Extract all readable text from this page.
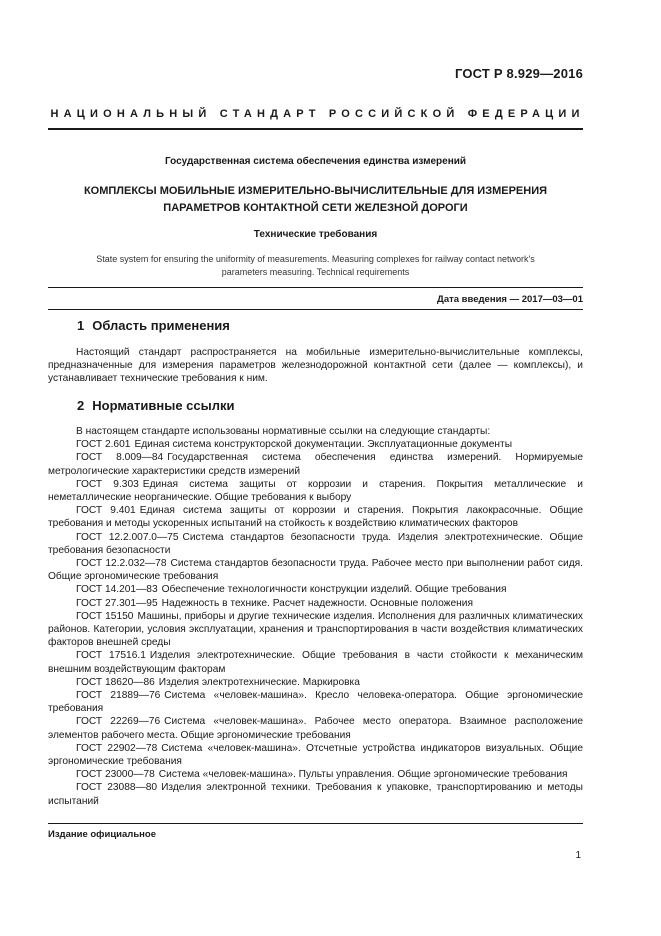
ГОСТ Р 8.929—2016
НАЦИОНАЛЬНЫЙ СТАНДАРТ РОССИЙСКОЙ ФЕДЕРАЦИИ
Государственная система обеспечения единства измерений
КОМПЛЕКСЫ МОБИЛЬНЫЕ ИЗМЕРИТЕЛЬНО-ВЫЧИСЛИТЕЛЬНЫЕ ДЛЯ ИЗМЕРЕНИЯ
ПАРАМЕТРОВ КОНТАКТНОЙ СЕТИ ЖЕЛЕЗНОЙ ДОРОГИ
Технические требования
State system for ensuring the uniformity of measurements. Measuring complexes for railway contact network's
parameters measuring. Technical requirements
Дата введения — 2017—03—01
1 Область применения
Настоящий стандарт распространяется на мобильные измерительно-вычислительные комплексы, предназначенные для измерения параметров железнодорожной контактной сети (далее — комплексы), и устанавливает технические требования к ним.
2 Нормативные ссылки

В настоящем стандарте использованы нормативные ссылки на следующие стандарты:

ГОСТ 2.601 Единая система конструкторской документации. Эксплуатационные документы

ГОСТ 8.009—84 Государственная система обеспечения единства измерений. Нормируемые метрологические характеристики средств измерений

ГОСТ 9.303 Единая система защиты от коррозии и старения. Покрытия металлические и неметаллические неорганические. Общие требования к выбору

ГОСТ 9.401 Единая система защиты от коррозии и старения. Покрытия лакокрасочные. Общие требования и методы ускоренных испытаний на стойкость к воздействию климатических факторов

ГОСТ 12.2.007.0—75 Система стандартов безопасности труда. Изделия электротехнические. Общие требования безопасности

ГОСТ 12.2.032—78 Система стандартов безопасности труда. Рабочее место при выполнении работ сидя. Общие эргономические требования

ГОСТ 14.201—83 Обеспечение технологичности конструкции изделий. Общие требования

ГОСТ 27.301—95 Надежность в технике. Расчет надежности. Основные положения

ГОСТ 15150 Машины, приборы и другие технические изделия. Исполнения для различных климатических районов. Категории, условия эксплуатации, хранения и транспортирования в части воздействия климатических факторов внешней среды

ГОСТ 17516.1 Изделия электротехнические. Общие требования в части стойкости к механическим внешним воздействующим факторам

ГОСТ 18620—86 Изделия электротехнические. Маркировка

ГОСТ 21889—76 Система «человек-машина». Кресло человека-оператора. Общие эргономические требования

ГОСТ 22269—76 Система «человек-машина». Рабочее место оператора. Взаимное расположение элементов рабочего места. Общие эргономические требования

ГОСТ 22902—78 Система «человек-машина». Отсчетные устройства индикаторов визуальных. Общие эргономические требования

ГОСТ 23000—78 Система «человек-машина». Пульты управления. Общие эргономические требования

ГОСТ 23088—80 Изделия электронной техники. Требования к упаковке, транспортированию и методы испытаний

Издание официальное
1
